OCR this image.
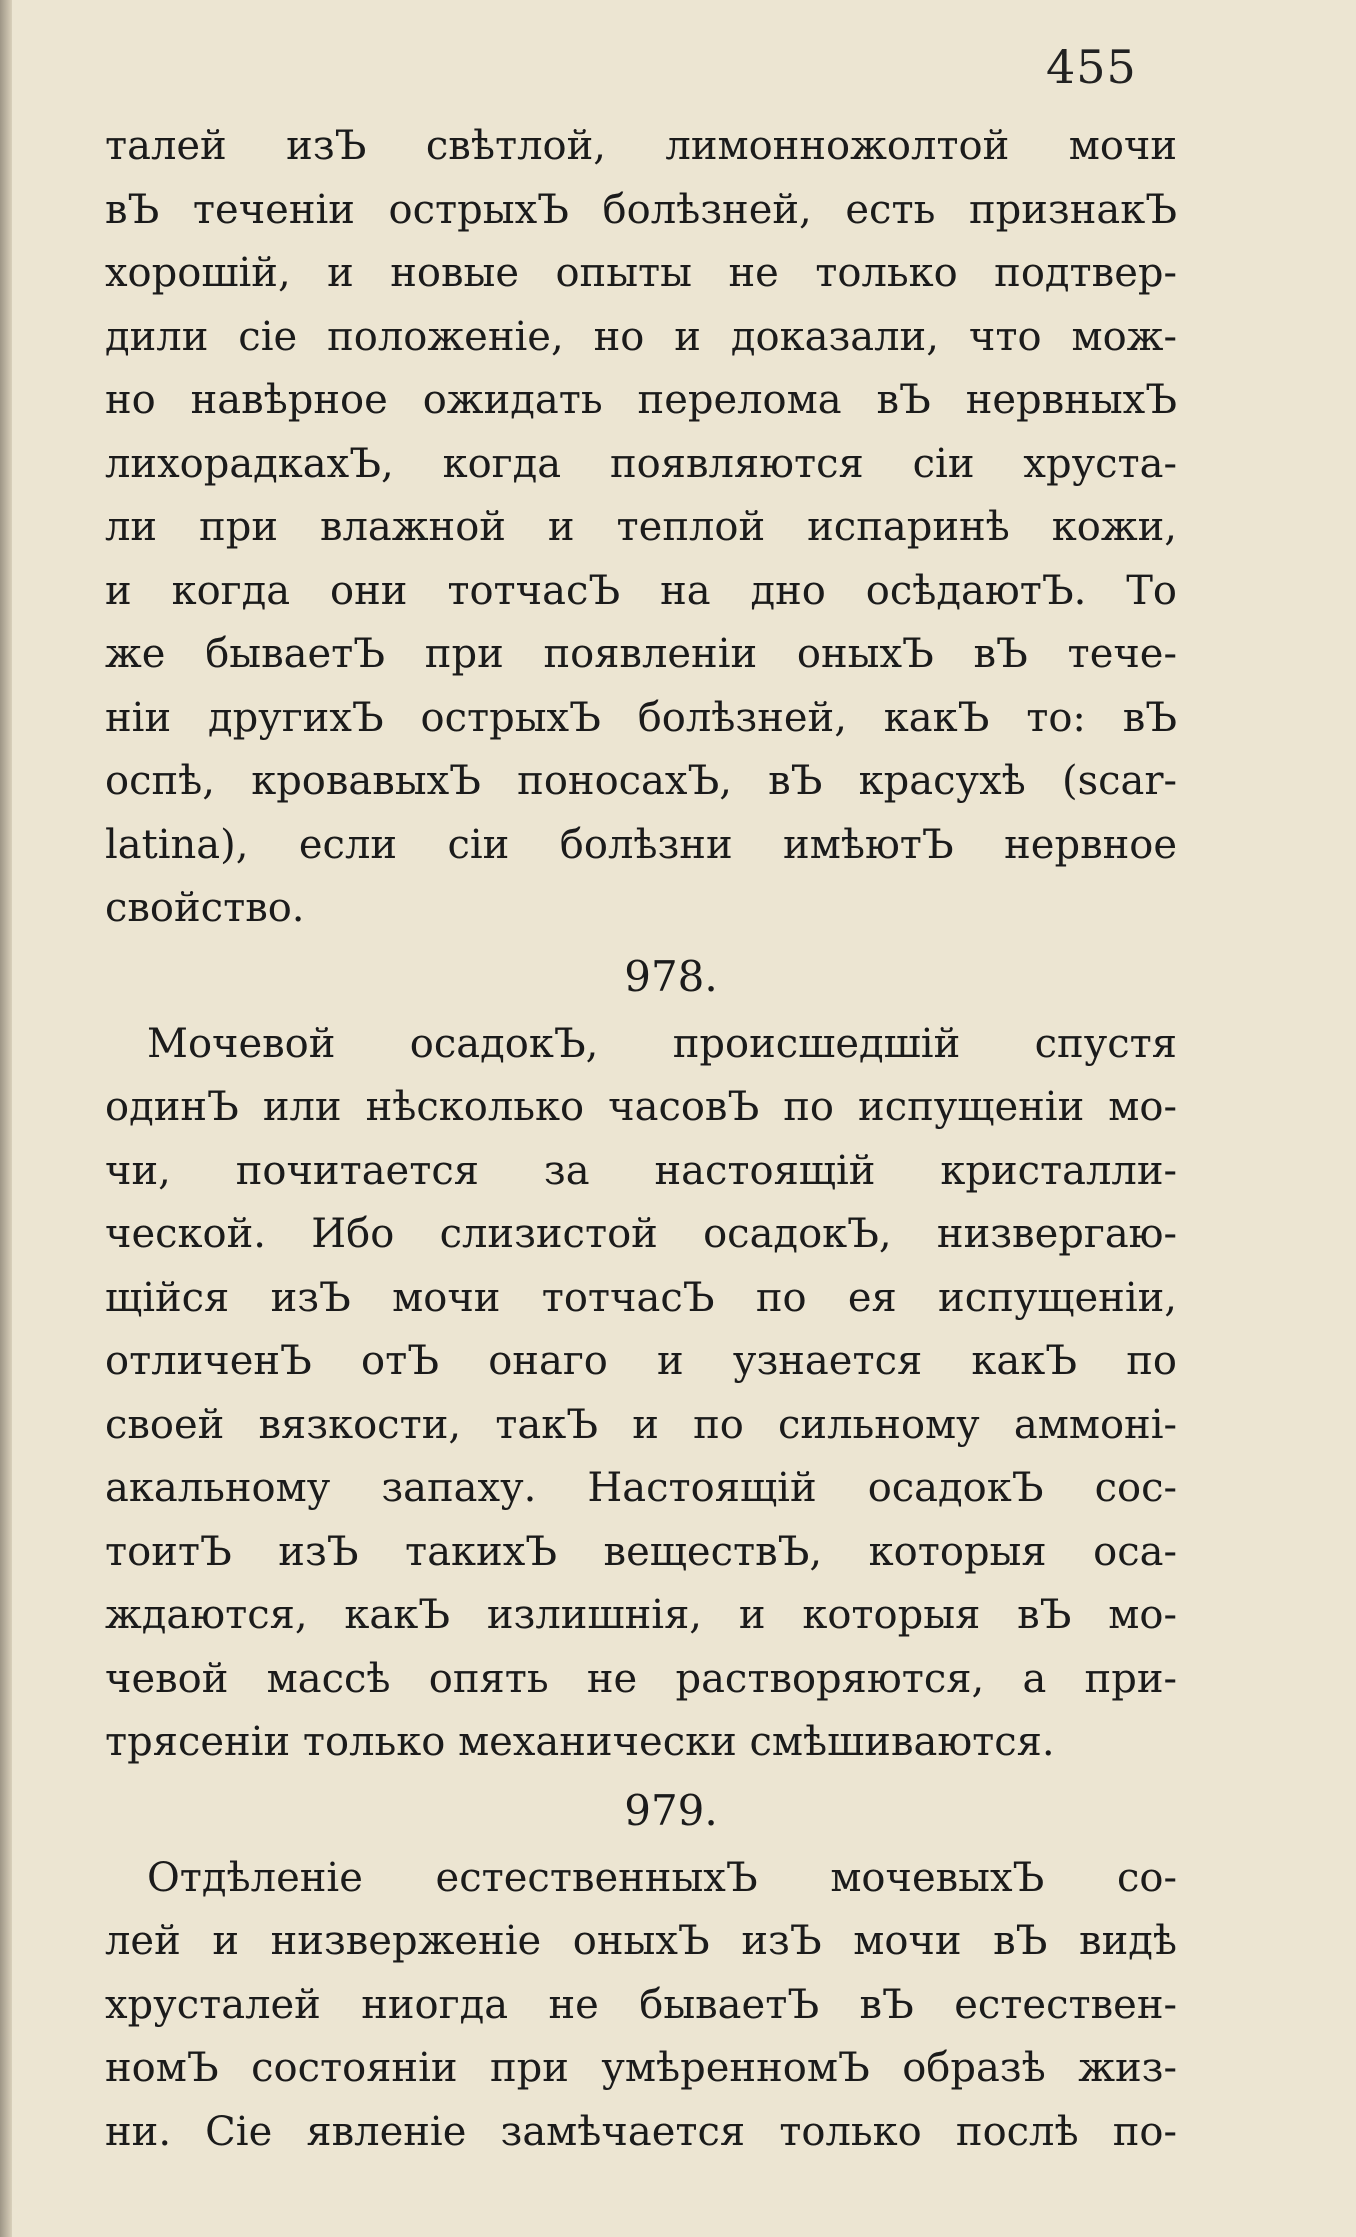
455
талей изЪ свѣтлой, лимонножолтой мочи
вЪ теченіи острыхЪ болѣзней, есть признакЪ
хорошій, и новые опыты не только подтвер-
дили сіе положеніе, но и доказали, что мож-
но навѣрное ожидать перелома вЪ нервныхЪ
лихорадкахЪ, когда появляются сіи хруста-
ли при влажной и теплой испаринѣ кожи,
и когда они тотчасЪ на дно осѣдаютЪ. То
же бываетЪ при появленіи оныхЪ вЪ тече-
ніи другихЪ острыхЪ болѣзней, какЪ то: вЪ
оспѣ, кровавыхЪ поносахЪ, вЪ красухѣ (scar-
latina), если сіи болѣзни имѣютЪ нервное
свойство.
978.
Мочевой осадокЪ, происшедшій спустя
одинЪ или нѣсколько часовЪ по испущеніи мо-
чи, почитается за настоящій кристалли-
ческой. Ибо слизистой осадокЪ, низвергаю-
щійся изЪ мочи тотчасЪ по ея испущеніи,
отличенЪ отЪ онаго и узнается какЪ по
своей вязкости, такЪ и по сильному аммоні-
акальному запаху. Настоящій осадокЪ сос-
тоитЪ изЪ такихЪ веществЪ, которыя оса-
ждаются, какЪ излишнія, и которыя вЪ мо-
чевой массѣ опять не растворяются, а при-
трясеніи только механически смѣшиваются.
979.
Отдѣленіе естественныхЪ мочевыхЪ со-
лей и низверженіе оныхЪ изЪ мочи вЪ видѣ
хрусталей ниогда не бываетЪ вЪ естествен-
номЪ состояніи при умѣренномЪ образѣ жиз-
ни. Сіе явленіе замѣчается только послѣ по-
